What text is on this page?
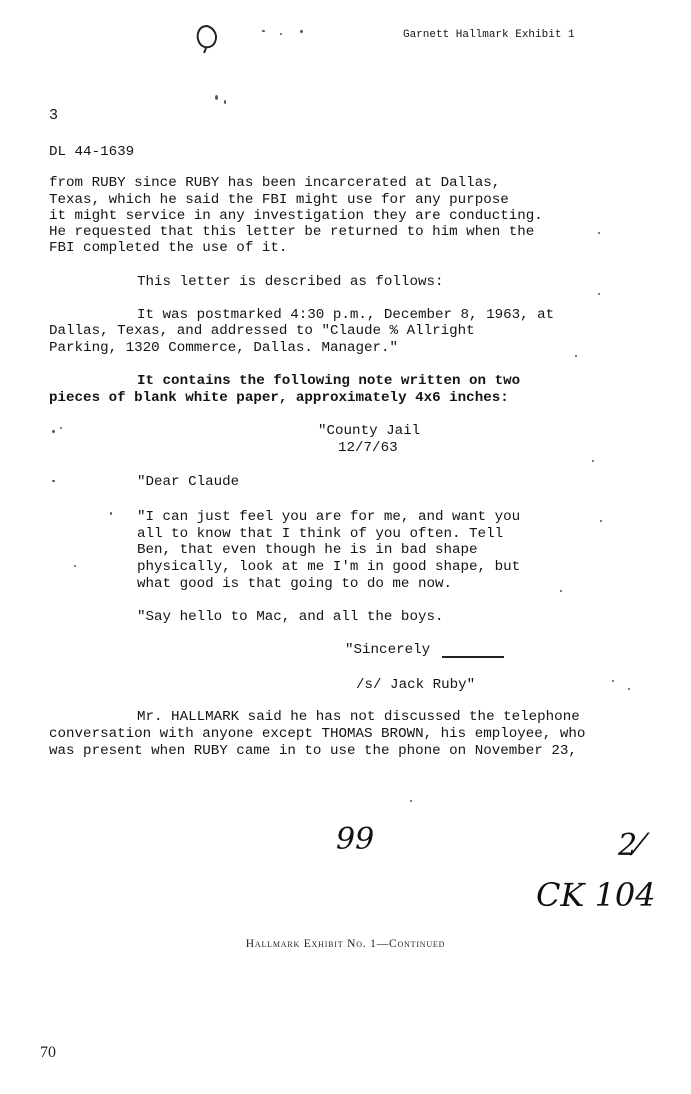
Garnett Hallmark Exhibit 1
3
DL 44-1639
from RUBY since RUBY has been incarcerated at Dallas,
Texas, which he said the FBI might use for any purpose
it might service in any investigation they are conducting.
He requested that this letter be returned to him when the
FBI completed the use of it.
This letter is described as follows:
It was postmarked 4:30 p.m., December 8, 1963, at
Dallas, Texas, and addressed to "Claude % Allright
Parking, 1320 Commerce, Dallas. Manager."
It contains the following note written on two
pieces of blank white paper, approximately 4x6 inches:
"County Jail
12/7/63
"Dear Claude
"I can just feel you are for me, and want you
all to know that I think of you often. Tell
Ben, that even though he is in bad shape
physically, look at me I'm in good shape, but
what good is that going to do me now.
"Say hello to Mac, and all the boys.
"Sincerely
/s/ Jack Ruby"
Mr. HALLMARK said he has not discussed the telephone
conversation with anyone except THOMAS BROWN, his employee, who
was present when RUBY came in to use the phone on November 23,
99	2⁄
CK 104
Hallmark Exhibit No. 1—Continued
70
